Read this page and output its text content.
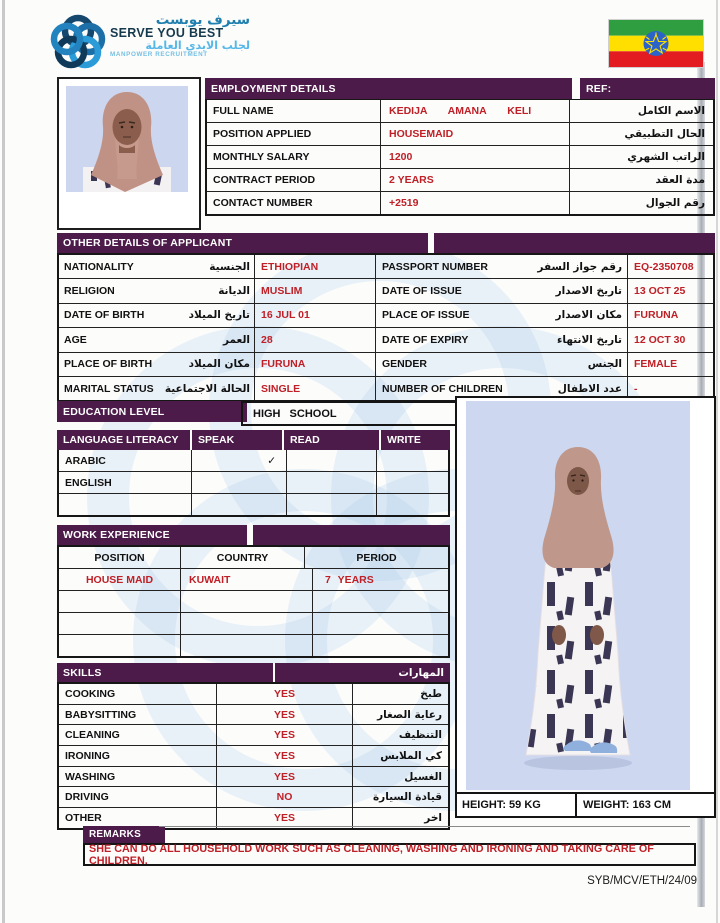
سيرف يوبست
SERVE YOU BEST
لجلب الايدي العاملة
MANPOWER RECRUITMENT
EMPLOYMENT DETAILS	REF:
FULL NAME	KEDIJA AMANA KELI	الاسم الكامل
POSITION APPLIED	HOUSEMAID	الحال التطبيقي
MONTHLY SALARY	1200	الراتب الشهري
CONTRACT PERIOD	2 YEARS	مدة العقد
CONTACT NUMBER	+2519	رقم الجوال
OTHER DETAILS OF APPLICANT
NATIONALITY	الجنسية	ETHIOPIAN	PASSPORT NUMBER	رقم جواز السفر	EQ-2350708
RELIGION	الديانة	MUSLIM	DATE OF ISSUE	تاريخ الاصدار	13 OCT 25
DATE OF BIRTH	تاريخ الميلاد	16 JUL 01	PLACE OF ISSUE	مكان الاصدار	FURUNA
AGE	العمر	28	DATE OF EXPIRY	تاريخ الانتهاء	12 OCT 30
PLACE OF BIRTH	مكان الميلاد	FURUNA	GENDER	الجنس	FEMALE
MARITAL STATUS الحالة الاجتماعية	SINGLE	NUMBER OF CHILDREN	عدد الاطفال	-
EDUCATION LEVEL	HIGH SCHOOL
LANGUAGE LITERACY	SPEAK	READ	WRITE
ARABIC	✓
ENGLISH
WORK EXPERIENCE
POSITION	COUNTRY	PERIOD
HOUSE MAID	KUWAIT	7 YEARS
SKILLS	المهارات
COOKING	YES	طبخ
BABYSITTING	YES	رعاية الصغار
CLEANING	YES	التنظيف
IRONING	YES	كي الملابس
WASHING	YES	الغسيل
DRIVING	NO	قيادة السيارة
OTHER	YES	اخر
HEIGHT: 59 KG	WEIGHT: 163 CM
REMARKS
SHE CAN DO ALL HOUSEHOLD WORK SUCH AS CLEANING, WASHING AND IRONING AND TAKING CARE OF CHILDREN.
SYB/MCV/ETH/24/09
